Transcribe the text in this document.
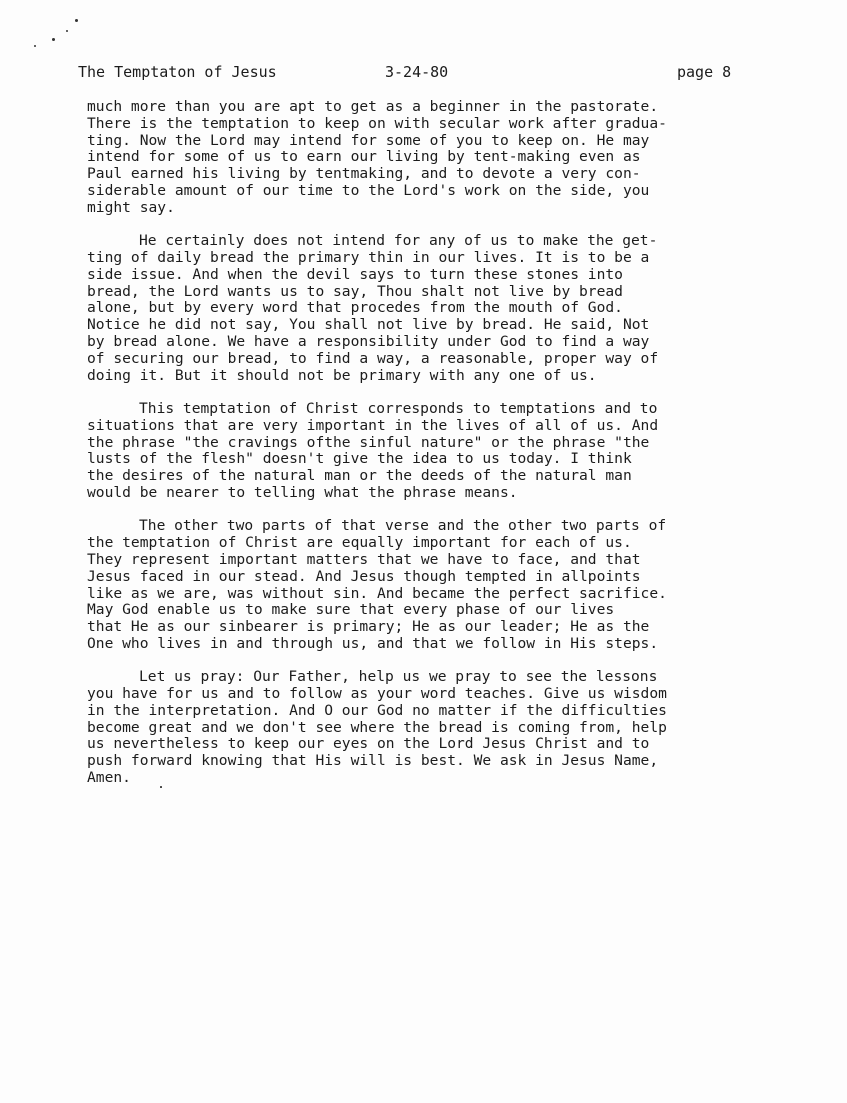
The Temptaton of Jesus	3-24-80	page 8
much more than you are apt to get as a beginner in the pastorate.
There is the temptation to keep on with secular work after gradua-
ting. Now the Lord may intend for some of you to keep on. He may
intend for some of us to earn our living by tent-making even as
Paul earned his living by tentmaking, and to devote a very con-
siderable amount of our time to the Lord's work on the side, you
might say.
He certainly does not intend for any of us to make the get-
ting of daily bread the primary thin in our lives. It is to be a
side issue. And when the devil says to turn these stones into
bread, the Lord wants us to say, Thou shalt not live by bread
alone, but by every word that procedes from the mouth of God.
Notice he did not say, You shall not live by bread. He said, Not
by bread alone. We have a responsibility under God to find a way
of securing our bread, to find a way, a reasonable, proper way of
doing it. But it should not be primary with any one of us.
This temptation of Christ corresponds to temptations and to
situations that are very important in the lives of all of us. And
the phrase "the cravings ofthe sinful nature" or the phrase "the
lusts of the flesh" doesn't give the idea to us today. I think
the desires of the natural man or the deeds of the natural man
would be nearer to telling what the phrase means.
The other two parts of that verse and the other two parts of
the temptation of Christ are equally important for each of us.
They represent important matters that we have to face, and that
Jesus faced in our stead. And Jesus though tempted in allpoints
like as we are, was without sin. And became the perfect sacrifice.
May God enable us to make sure that every phase of our lives
that He as our sinbearer is primary; He as our leader; He as the
One who lives in and through us, and that we follow in His steps.
Let us pray: Our Father, help us we pray to see the lessons
you have for us and to follow as your word teaches. Give us wisdom
in the interpretation. And O our God no matter if the difficulties
become great and we don't see where the bread is coming from, help
us nevertheless to keep our eyes on the Lord Jesus Christ and to
push forward knowing that His will is best. We ask in Jesus Name,
Amen.
